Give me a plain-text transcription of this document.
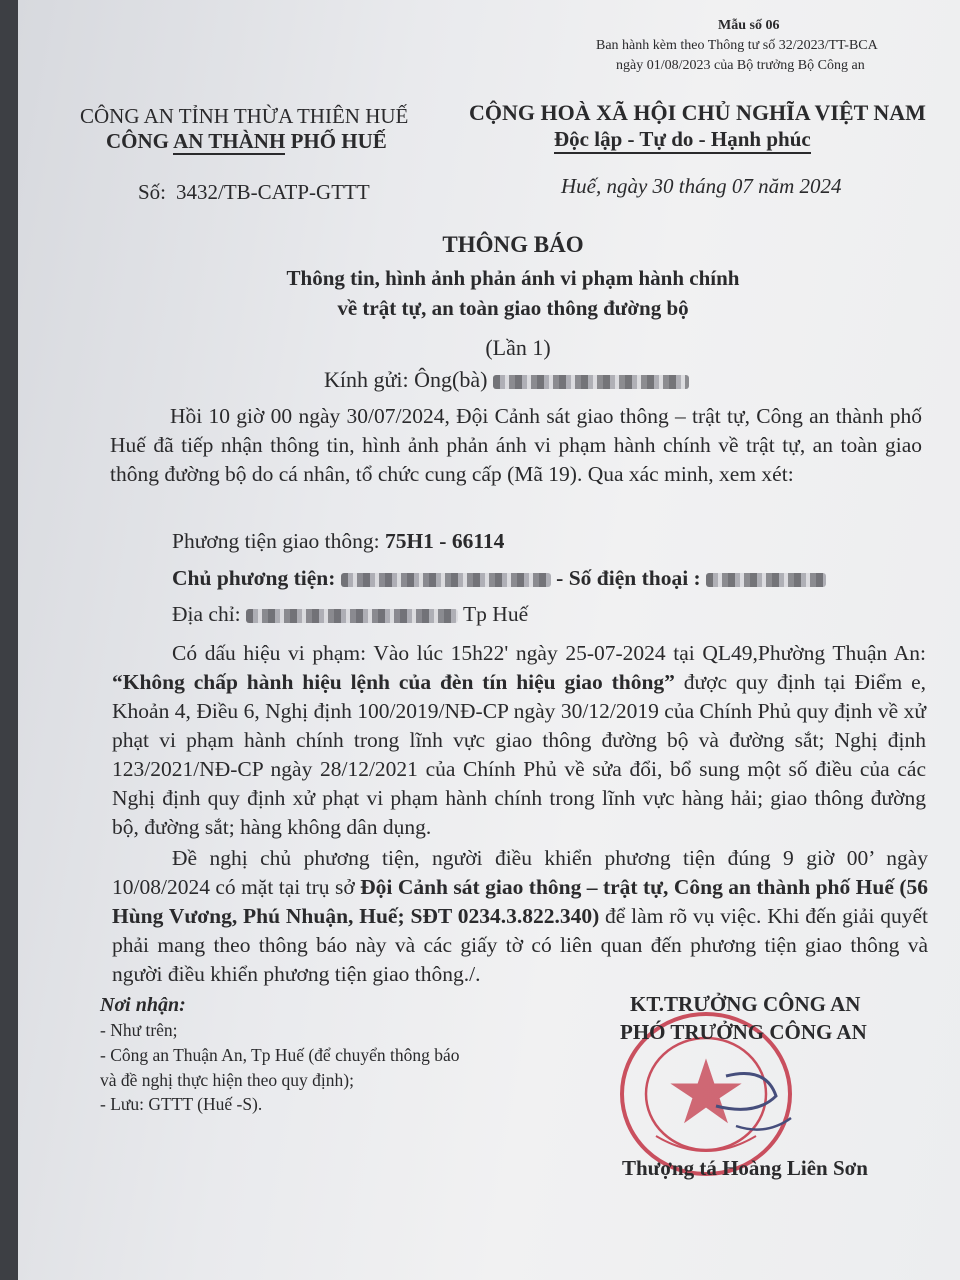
Mẫu số 06
Ban hành kèm theo Thông tư số 32/2023/TT-BCA
ngày 01/08/2023 của Bộ trưởng Bộ Công an
CÔNG AN TỈNH THỪA THIÊN HUẾ
CÔNG AN THÀNH PHỐ HUẾ
CỘNG HOÀ XÃ HỘI CHỦ NGHĨA VIỆT NAM
Độc lập - Tự do - Hạnh phúc
Số: 3432/TB-CATP-GTTT	Huế, ngày 30 tháng 07 năm 2024
THÔNG BÁO
Thông tin, hình ảnh phản ánh vi phạm hành chính
về trật tự, an toàn giao thông đường bộ
(Lần 1)
Kính gửi: Ông(bà)
Hồi 10 giờ 00 ngày 30/07/2024, Đội Cảnh sát giao thông – trật tự, Công an thành phố Huế đã tiếp nhận thông tin, hình ảnh phản ánh vi phạm hành chính về trật tự, an toàn giao thông đường bộ do cá nhân, tổ chức cung cấp (Mã 19). Qua xác minh, xem xét:
Phương tiện giao thông: 75H1 - 66114
Chủ phương tiện:	- Số điện thoại :
Địa chỉ:	Tp Huế
Có dấu hiệu vi phạm: Vào lúc 15h22' ngày 25-07-2024 tại QL49,Phường Thuận An: “Không chấp hành hiệu lệnh của đèn tín hiệu giao thông” được quy định tại Điểm e, Khoản 4, Điều 6, Nghị định 100/2019/NĐ-CP ngày 30/12/2019 của Chính Phủ quy định về xử phạt vi phạm hành chính trong lĩnh vực giao thông đường bộ và đường sắt; Nghị định 123/2021/NĐ-CP ngày 28/12/2021 của Chính Phủ về sửa đổi, bổ sung một số điều của các Nghị định quy định xử phạt vi phạm hành chính trong lĩnh vực hàng hải; giao thông đường bộ, đường sắt; hàng không dân dụng.
Đề nghị chủ phương tiện, người điều khiển phương tiện đúng 9 giờ 00’ ngày 10/08/2024 có mặt tại trụ sở Đội Cảnh sát giao thông – trật tự, Công an thành phố Huế (56 Hùng Vương, Phú Nhuận, Huế; SĐT 0234.3.822.340) để làm rõ vụ việc. Khi đến giải quyết phải mang theo thông báo này và các giấy tờ có liên quan đến phương tiện giao thông và người điều khiển phương tiện giao thông./.
Nơi nhận:
- Như trên;
- Công an Thuận An, Tp Huế (để chuyển thông báo
và đề nghị thực hiện theo quy định);
- Lưu: GTTT (Huế -S).
KT.TRƯỞNG CÔNG AN
PHÓ TRƯỞNG CÔNG AN
Thượng tá Hoàng Liên Sơn
